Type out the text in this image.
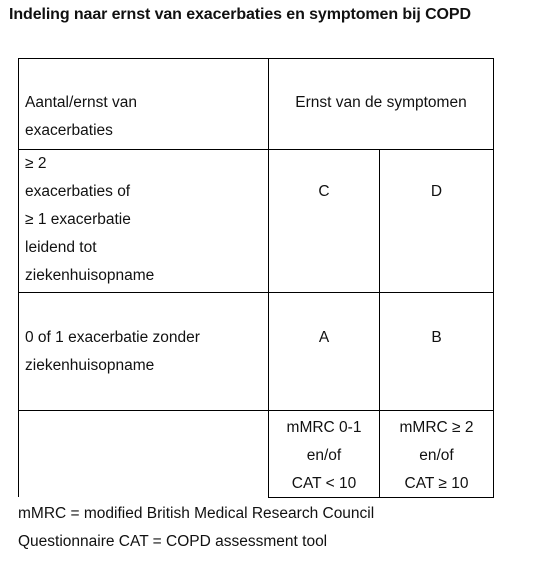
Indeling naar ernst van exacerbaties en symptomen bij COPD
Aantal/ernst van
exacerbaties
Ernst van de symptomen
≥ 2
exacerbaties of
≥ 1 exacerbatie
leidend tot
ziekenhuisopname
C	D
0 of 1 exacerbatie zonder
ziekenhuisopname
A	B
mMRC 0-1
en/of
CAT < 10
mMRC ≥ 2
en/of
CAT ≥ 10
mMRC = modified British Medical Research Council
Questionnaire CAT = COPD assessment tool
